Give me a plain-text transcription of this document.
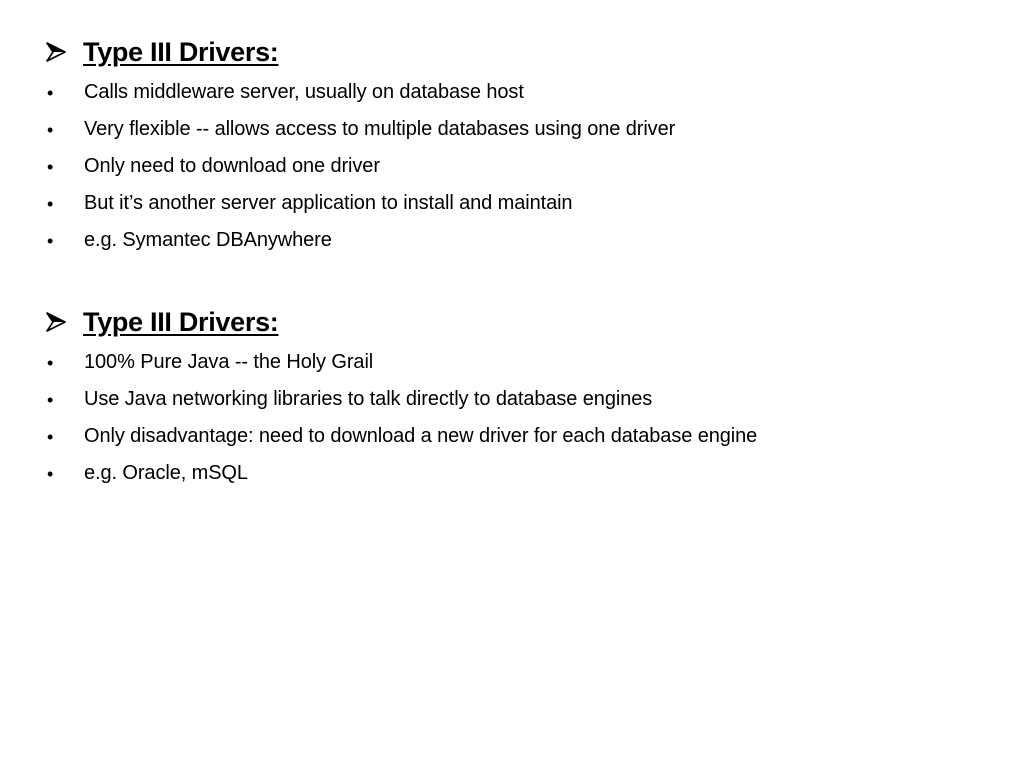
Type III Drivers:
•	Calls middleware server, usually on database host
•	Very flexible -- allows access to multiple databases using one driver
•	Only need to download one driver
•	But it’s another server application to install and maintain
•	e.g. Symantec DBAnywhere
Type III Drivers:
•	100% Pure Java -- the Holy Grail
•	Use Java networking libraries to talk directly to database engines
•	Only disadvantage: need to download a new driver for each database engine
•	e.g. Oracle, mSQL
